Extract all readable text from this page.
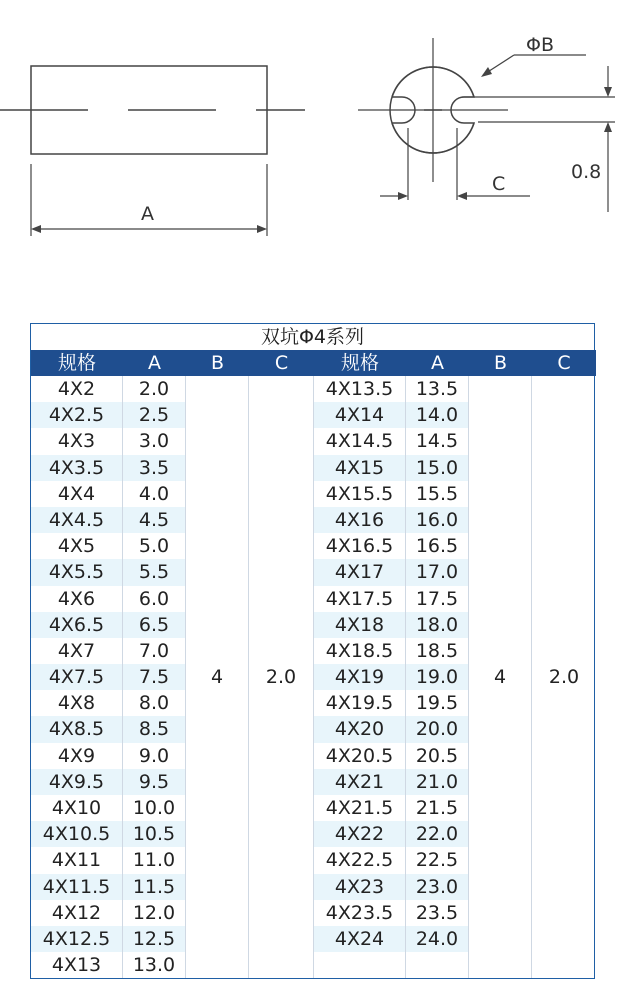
A
ΦB
C
0.8
双坑Φ4系列
规格	A	B	C	规格	A	B	C
4X2	2.0	4X13.5	13.5
4X2.5	2.5	4X14	14.0
4X3	3.0	4X14.5	14.5
4X3.5	3.5	4X15	15.0
4X4	4.0	4X15.5	15.5
4X4.5	4.5	4X16	16.0
4X5	5.0	4X16.5	16.5
4X5.5	5.5	4X17	17.0
4X6	6.0	4X17.5	17.5
4X6.5	6.5	4X18	18.0
4X7	7.0	4X18.5	18.5
4X7.5	7.5	4X19	19.0
4X8	8.0	4X19.5	19.5
4X8.5	8.5	4X20	20.0
4X9	9.0	4X20.5	20.5
4X9.5	9.5	4X21	21.0
4X10	10.0	4X21.5	21.5
4X10.5	10.5	4X22	22.0
4X11	11.0	4X22.5	22.5
4X11.5	11.5	4X23	23.0
4X12	12.0	4X23.5	23.5
4X12.5	12.5	4X24	24.0
4X13	13.0
4	2.0	4	2.0
